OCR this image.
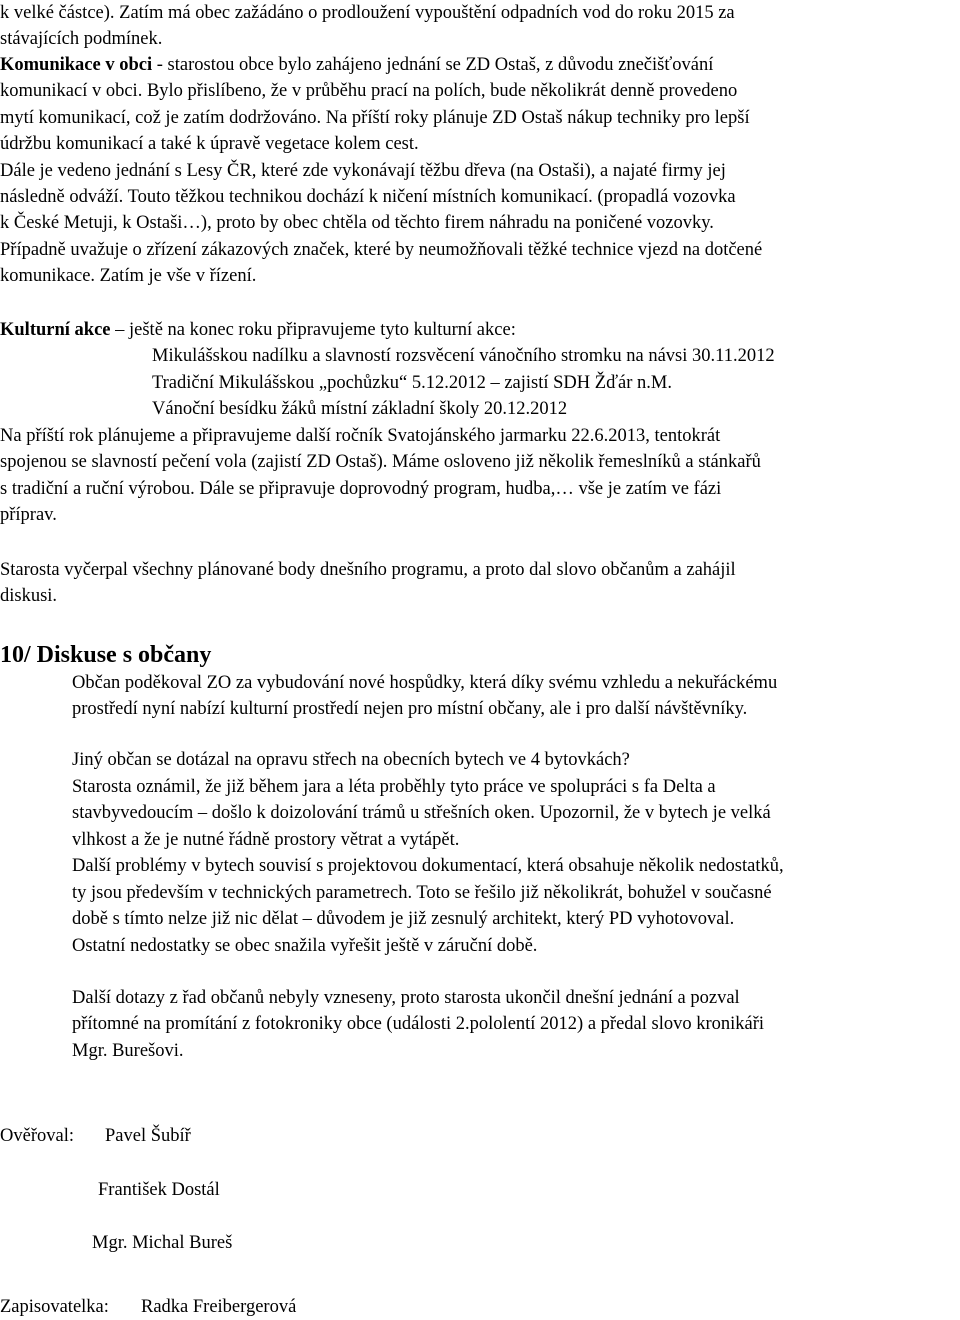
k velké částce). Zatím má obec zažádáno o prodloužení vypouštění odpadních vod do roku 2015 za
stávajících podmínek.
Komunikace v obci - starostou obce bylo zahájeno jednání se ZD Ostaš, z důvodu znečišťování
komunikací v obci. Bylo přislíbeno, že v průběhu prací na polích, bude několikrát denně provedeno
mytí komunikací, což je zatím dodržováno. Na příští roky plánuje ZD Ostaš nákup techniky pro lepší
údržbu komunikací a také k úpravě vegetace kolem cest.
Dále je vedeno jednání s Lesy ČR, které zde vykonávají těžbu dřeva (na Ostaši), a najaté firmy jej
následně odváží. Touto těžkou technikou dochází k ničení místních komunikací. (propadlá vozovka
k České Metuji, k Ostaši…), proto by obec chtěla od těchto firem náhradu na poničené vozovky.
Případně uvažuje o zřízení zákazových značek, které by neumožňovali těžké technice vjezd na dotčené
komunikace. Zatím je vše v řízení.
Kulturní akce – ještě na konec roku připravujeme tyto kulturní akce:
Mikulášskou nadílku a slavností rozsvěcení vánočního stromku na návsi 30.11.2012
Tradiční Mikulášskou „pochůzku“ 5.12.2012 – zajistí SDH Žďár n.M.
Vánoční besídku žáků místní základní školy 20.12.2012
Na příští rok plánujeme a připravujeme další ročník Svatojánského jarmarku 22.6.2013, tentokrát
spojenou se slavností pečení vola (zajistí ZD Ostaš). Máme osloveno již několik řemeslníků a stánkařů
s tradiční a ruční výrobou. Dále se připravuje doprovodný program, hudba,… vše je zatím ve fázi
příprav.
Starosta vyčerpal všechny plánované body dnešního programu, a proto dal slovo občanům a zahájil
diskusi.
10/ Diskuse s občany
Občan poděkoval ZO za vybudování nové hospůdky, která díky svému vzhledu a nekuřáckému
prostředí nyní nabízí kulturní prostředí nejen pro místní občany, ale i pro další návštěvníky.
Jiný občan se dotázal na opravu střech na obecních bytech ve 4 bytovkách?
Starosta oznámil, že již během jara a léta proběhly tyto práce ve spolupráci s fa Delta a
stavbyvedoucím – došlo k doizolování trámů u střešních oken. Upozornil, že v bytech je velká
vlhkost a že je nutné řádně prostory větrat a vytápět.
Další problémy v bytech souvisí s projektovou dokumentací, která obsahuje několik nedostatků,
ty jsou především v technických parametrech. Toto se řešilo již několikrát, bohužel v současné
době s tímto nelze již nic dělat – důvodem je již zesnulý architekt, který PD vyhotovoval.
Ostatní nedostatky se obec snažila vyřešit ještě v záruční době.
Další dotazy z řad občanů nebyly vzneseny, proto starosta ukončil dnešní jednání a pozval
přítomné na promítání z fotokroniky obce (události 2.pololentí 2012) a předal slovo kronikáři
Mgr. Burešovi.
Ověřoval: Pavel Šubíř
František Dostál
Mgr. Michal Bureš
Zapisovatelka: Radka Freibergerová
